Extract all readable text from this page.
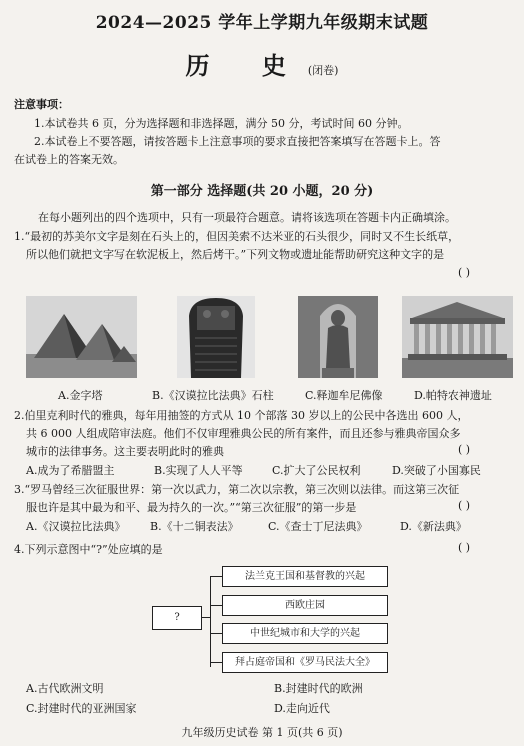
2024—2025 学年上学期九年级期末试题
历 史(闭卷)
注意事项：
1.本试卷共 6 页，分为选择题和非选择题，满分 50 分，考试时间 60 分钟。
2.本试卷上不要答题，请按答题卡上注意事项的要求直接把答案填写在答题卡上。答
在试卷上的答案无效。
第一部分 选择题(共 20 小题，20 分)
在每小题列出的四个选项中，只有一项最符合题意。请将该选项在答题卡内正确填涂。
1.“最初的苏美尔文字是刻在石头上的，但因美索不达米亚的石头很少，同时又不生长纸草，
所以他们就把文字写在软泥板上，然后烤干。”下列文物或遗址能帮助研究这种文字的是
( )
A.金字塔	B.《汉谟拉比法典》石柱	C.释迦牟尼佛像	D.帕特农神遗址
2.伯里克利时代的雅典，每年用抽签的方式从 10 个部落 30 岁以上的公民中各选出 600 人，
共 6 000 人组成陪审法庭。他们不仅审理雅典公民的所有案件，而且还参与雅典帝国众多
城市的法律事务。这主要表明此时的雅典	( )
A.成为了希腊盟主	B.实现了人人平等	C.扩大了公民权利	D.突破了小国寡民
3.“罗马曾经三次征服世界：第一次以武力，第二次以宗教，第三次则以法律。而这第三次征
服也许是其中最为和平、最为持久的一次。”“第三次征服”的第一步是	( )
A.《汉谟拉比法典》 B.《十二铜表法》	C.《查士丁尼法典》	D.《新法典》
4.下列示意图中“?”处应填的是	( )
?
法兰克王国和基督教的兴起
西欧庄园
中世纪城市和大学的兴起
拜占庭帝国和《罗马民法大全》
A.古代欧洲文明	B.封建时代的欧洲
C.封建时代的亚洲国家	D.走向近代
九年级历史试卷 第 1 页(共 6 页)
